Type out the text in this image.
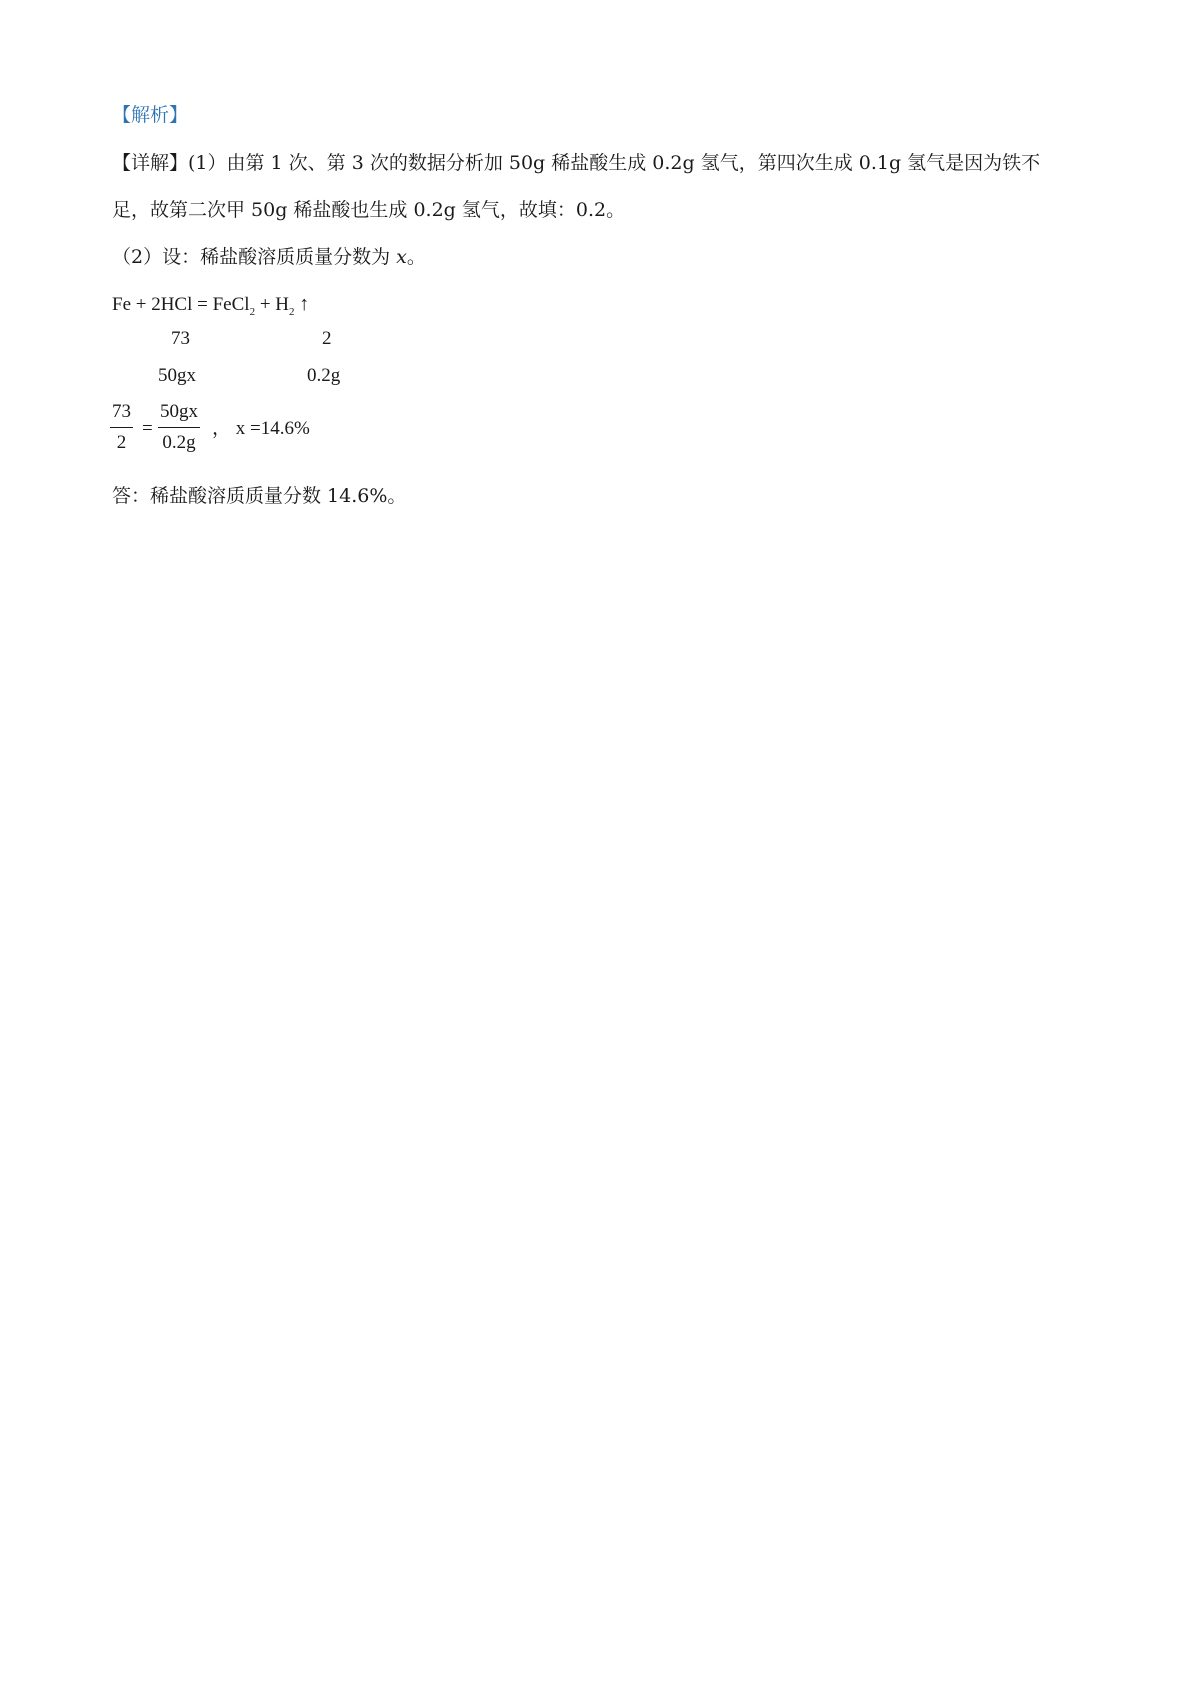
【解析】
【详解】(1）由第 1 次、第 3 次的数据分析加 50g 稀盐酸生成 0.2g 氢气，第四次生成 0.1g 氢气是因为铁不
足，故第二次甲 50g 稀盐酸也生成 0.2g 氢气，故填：0.2。
（2）设：稀盐酸溶质质量分数为 x。
Fe + 2HCl = FeCl$_2$ + $H_2$ ↑
73	2
50gx	0.2g
73
2
=
50gx
0.2g
， x =14.6%
答：稀盐酸溶质质量分数 14.6%。
